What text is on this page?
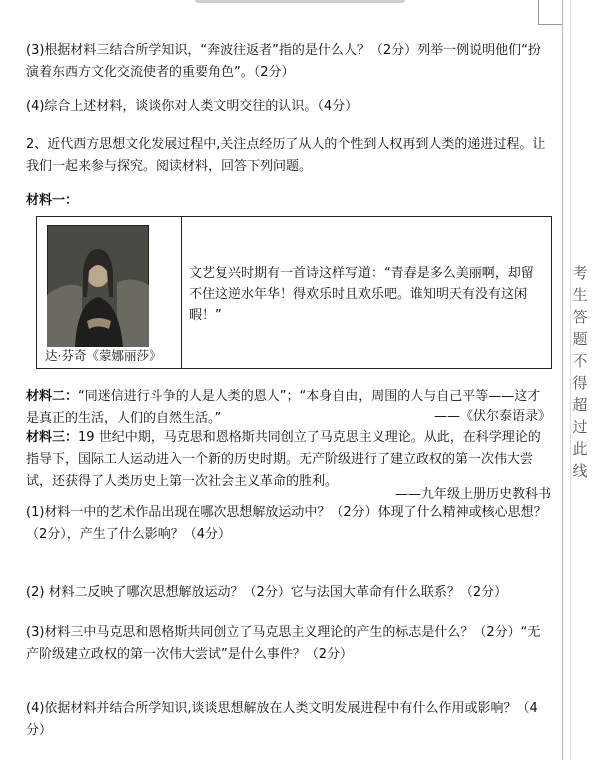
(3)根据材料三结合所学知识，“奔波往返者”指的是什么人？（2分）列举一例说明他们“扮演着东西方文化交流使者的重要角色”。（2分）

(4)综合上述材料，谈谈你对人类文明交往的认识。（4分）

2、近代西方思想文化发展过程中,关注点经历了从人的个性到人权再到人类的递进过程。让我们一起来参与探究。阅读材料，回答下列问题。

材料一：

达·芬奇《蒙娜丽莎》
文艺复兴时期有一首诗这样写道：“青春是多么美丽啊，却留不住这逆水年华！得欢乐时且欢乐吧。谁知明天有没有这闲暇！”

材料二：“同迷信进行斗争的人是人类的恩人”；“本身自由，周围的人与自己平等——这才是真正的生活，人们的自然生活。”	——《伏尔泰语录》

材料三：19 世纪中期，马克思和恩格斯共同创立了马克思主义理论。从此，在科学理论的指导下，国际工人运动进入一个新的历史时期。无产阶级进行了建立政权的第一次伟大尝试，还获得了人类历史上第一次社会主义革命的胜利。

——九年级上册历史教科书

(1)材料一中的艺术作品出现在哪次思想解放运动中？（2分）体现了什么精神或核心思想？（2分），产生了什么影响？（4分）

(2) 材料二反映了哪次思想解放运动？（2分）它与法国大革命有什么联系？（2分）

(3)材料三中马克思和恩格斯共同创立了马克思主义理论的产生的标志是什么？（2分）“无产阶级建立政权的第一次伟大尝试”是什么事件？（2分）

(4)依据材料并结合所学知识,谈谈思想解放在人类文明发展进程中有什么作用或影响？（4分）

考
生
答
题
不
得
超
过
此
线
